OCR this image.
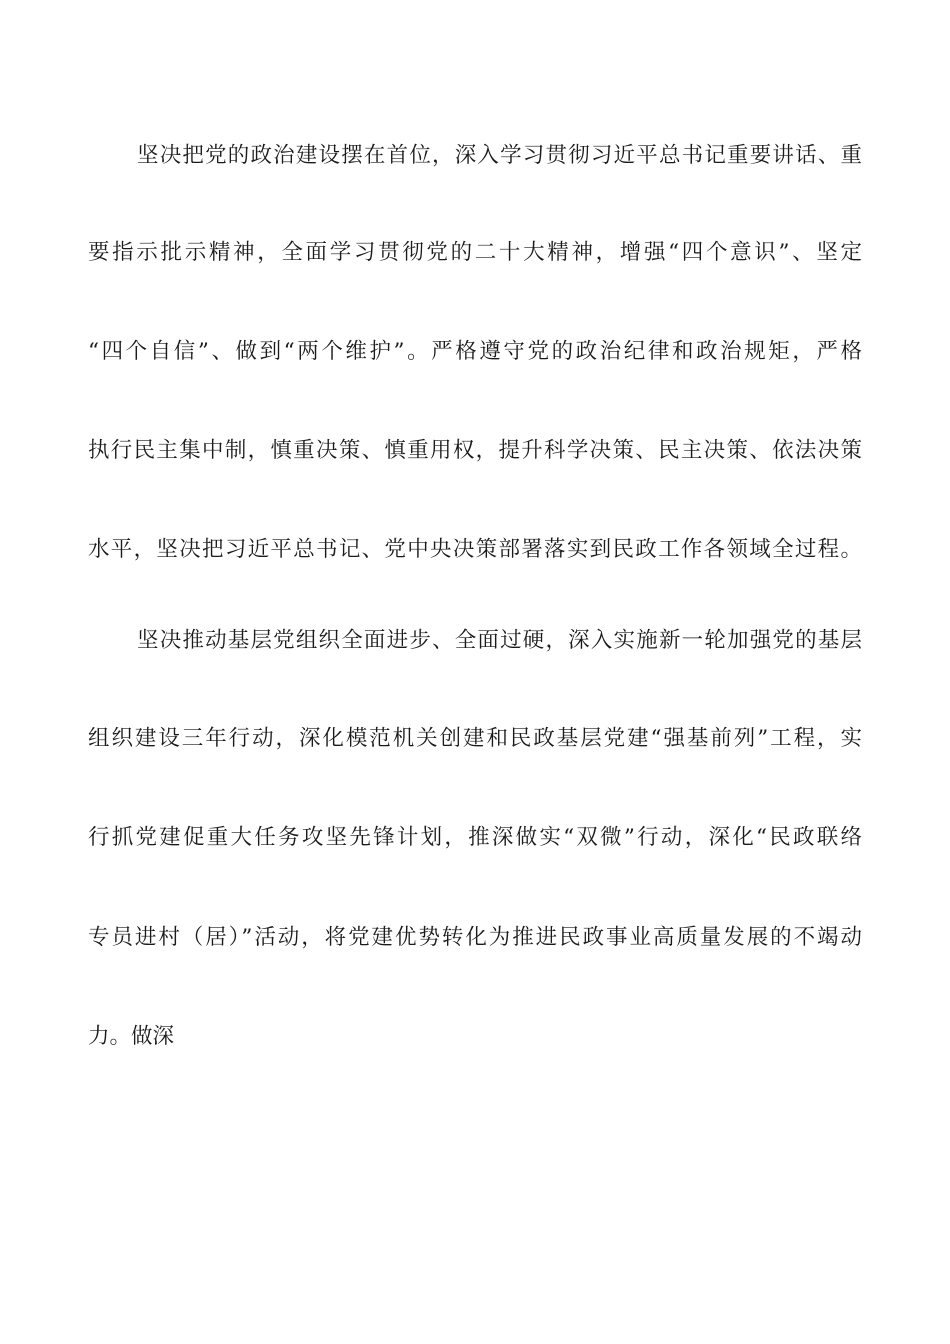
坚决把党的政治建设摆在首位，深入学习贯彻习近平总书记重要讲话、重
要指示批示精神，全面学习贯彻党的二十大精神，增强“四个意识”、坚定
“四个自信”、做到“两个维护”。严格遵守党的政治纪律和政治规矩，严格
执行民主集中制，慎重决策、慎重用权，提升科学决策、民主决策、依法决策
水平，坚决把习近平总书记、党中央决策部署落实到民政工作各领域全过程。
坚决推动基层党组织全面进步、全面过硬，深入实施新一轮加强党的基层
组织建设三年行动，深化模范机关创建和民政基层党建“强基前列”工程，实
行抓党建促重大任务攻坚先锋计划，推深做实“双微”行动，深化“民政联络
专员进村（居）”活动，将党建优势转化为推进民政事业高质量发展的不竭动
力。做深
